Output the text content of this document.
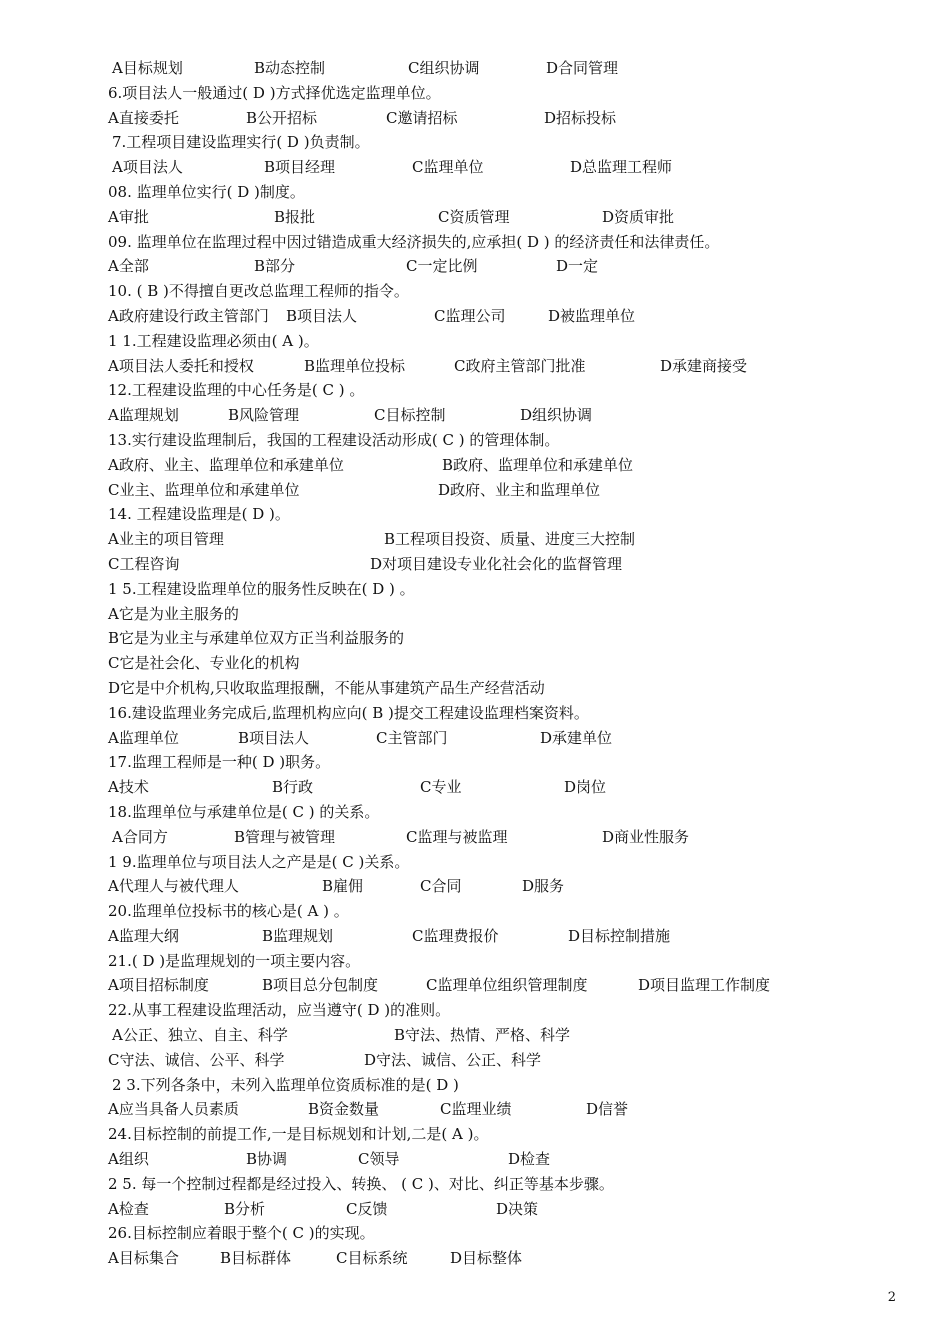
A目标规划	B动态控制	C组织协调	D合同管理
6.项目法人一般通过( D )方式择优选定监理单位。
A直接委托	B公开招标	C邀请招标	D招标投标
7.工程项目建设监理实行( D )负责制。
A项目法人	B项目经理	C监理单位	D总监理工程师
08. 监理单位实行( D )制度。
A审批	B报批	C资质管理	D资质审批
09. 监理单位在监理过程中因过错造成重大经济损失的,应承担( D ) 的经济责任和法律责任。
A全部	B部分	C一定比例	D一定
10. ( B )不得擅自更改总监理工程师的指令。
A政府建设行政主管部门 B项目法人	C监理公司	D被监理单位
1 1.工程建设监理必须由( A )。
A项目法人委托和授权	B监理单位投标	C政府主管部门批准	D承建商接受
12.工程建设监理的中心任务是( C ) 。
A监理规划	B风险管理	C目标控制	D组织协调
13.实行建设监理制后，我国的工程建设活动形成( C ) 的管理体制。
A政府、业主、监理单位和承建单位	B政府、监理单位和承建单位
C业主、监理单位和承建单位	D政府、业主和监理单位
14. 工程建设监理是( D )。
A业主的项目管理	B工程项目投资、质量、进度三大控制
C工程咨询	D对项目建设专业化社会化的监督管理
1 5.工程建设监理单位的服务性反映在( D ) 。
A它是为业主服务的
B它是为业主与承建单位双方正当利益服务的
C它是社会化、专业化的机构
D它是中介机构,只收取监理报酬，不能从事建筑产品生产经营活动
16.建设监理业务完成后,监理机构应向( B )提交工程建设监理档案资料。
A监理单位	B项目法人	C主管部门	D承建单位
17.监理工程师是一种( D )职务。
A技术	B行政	C专业	D岗位
18.监理单位与承建单位是( C ) 的关系。
A合同方	B管理与被管理	C监理与被监理	D商业性服务
1 9.监理单位与项目法人之产是是( C )关系。
A代理人与被代理人	B雇佣	C合同	D服务
20.监理单位投标书的核心是( A ) 。
A监理大纲	B监理规划	C监理费报价	D目标控制措施
21.( D )是监理规划的一项主要内容。
A项目招标制度	B项目总分包制度	C监理单位组织管理制度	D项目监理工作制度
22.从事工程建设监理活动，应当遵守( D )的准则。
A公正、独立、自主、科学	B守法、热情、严格、科学
C守法、诚信、公平、科学	D守法、诚信、公正、科学
2 3.下列各条中，未列入监理单位资质标准的是( D )
A应当具备人员素质	B资金数量	C监理业绩	D信誉
24.目标控制的前提工作,一是目标规划和计划,二是( A )。
A组织	B协调	C领导	D检查
2 5. 每一个控制过程都是经过投入、转换、 ( C )、对比、纠正等基本步骤。
A检查	B分析	C反馈	D决策
26.目标控制应着眼于整个( C )的实现。
A目标集合	B目标群体	C目标系统	D目标整体
2
